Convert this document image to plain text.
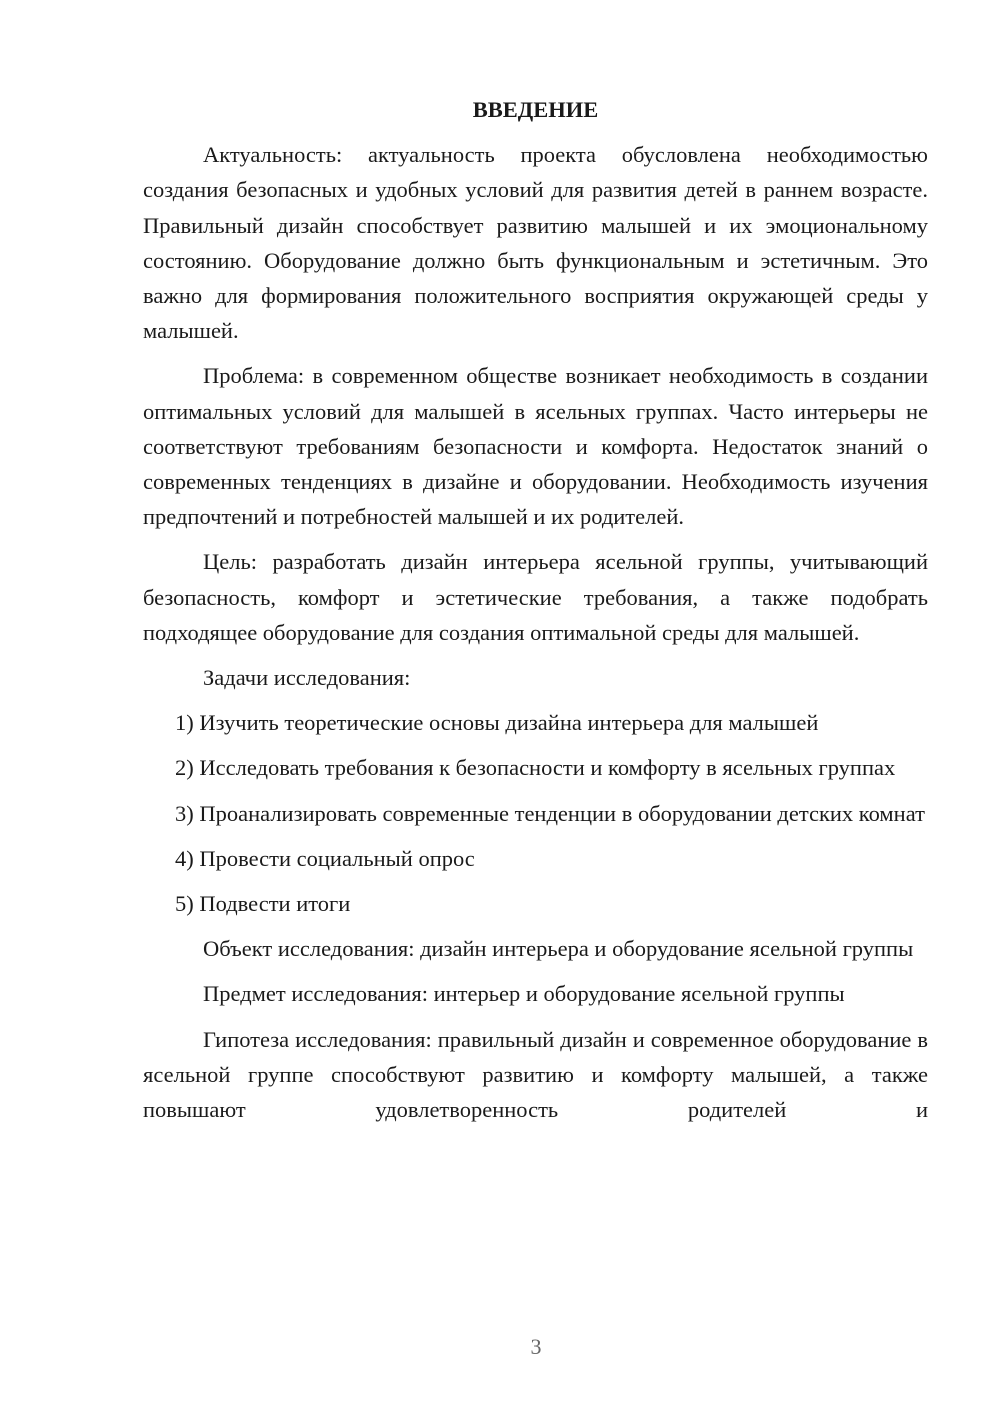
ВВЕДЕНИЕ

Актуальность: актуальность проекта обусловлена необходимостью создания безопасных и удобных условий для развития детей в раннем возрасте. Правильный дизайн способствует развитию малышей и их эмоциональному состоянию. Оборудование должно быть функциональным и эстетичным. Это важно для формирования положительного восприятия окружающей среды у малышей.

Проблема: в современном обществе возникает необходимость в создании оптимальных условий для малышей в ясельных группах. Часто интерьеры не соответствуют требованиям безопасности и комфорта. Недостаток знаний о современных тенденциях в дизайне и оборудовании. Необходимость изучения предпочтений и потребностей малышей и их родителей.

Цель: разработать дизайн интерьера ясельной группы, учитывающий безопасность, комфорт и эстетические требования, а также подобрать подходящее оборудование для создания оптимальной среды для малышей.

Задачи исследования:

1) Изучить теоретические основы дизайна интерьера для малышей

2) Исследовать требования к безопасности и комфорту в ясельных группах

3) Проанализировать современные тенденции в оборудовании детских комнат

4) Провести социальный опрос

5) Подвести итоги

Объект исследования: дизайн интерьера и оборудование ясельной группы

Предмет исследования: интерьер и оборудование ясельной группы

Гипотеза исследования: правильный дизайн и современное оборудование в ясельной группе способствуют развитию и комфорту малышей, а также повышают удовлетворенность родителей и

3
